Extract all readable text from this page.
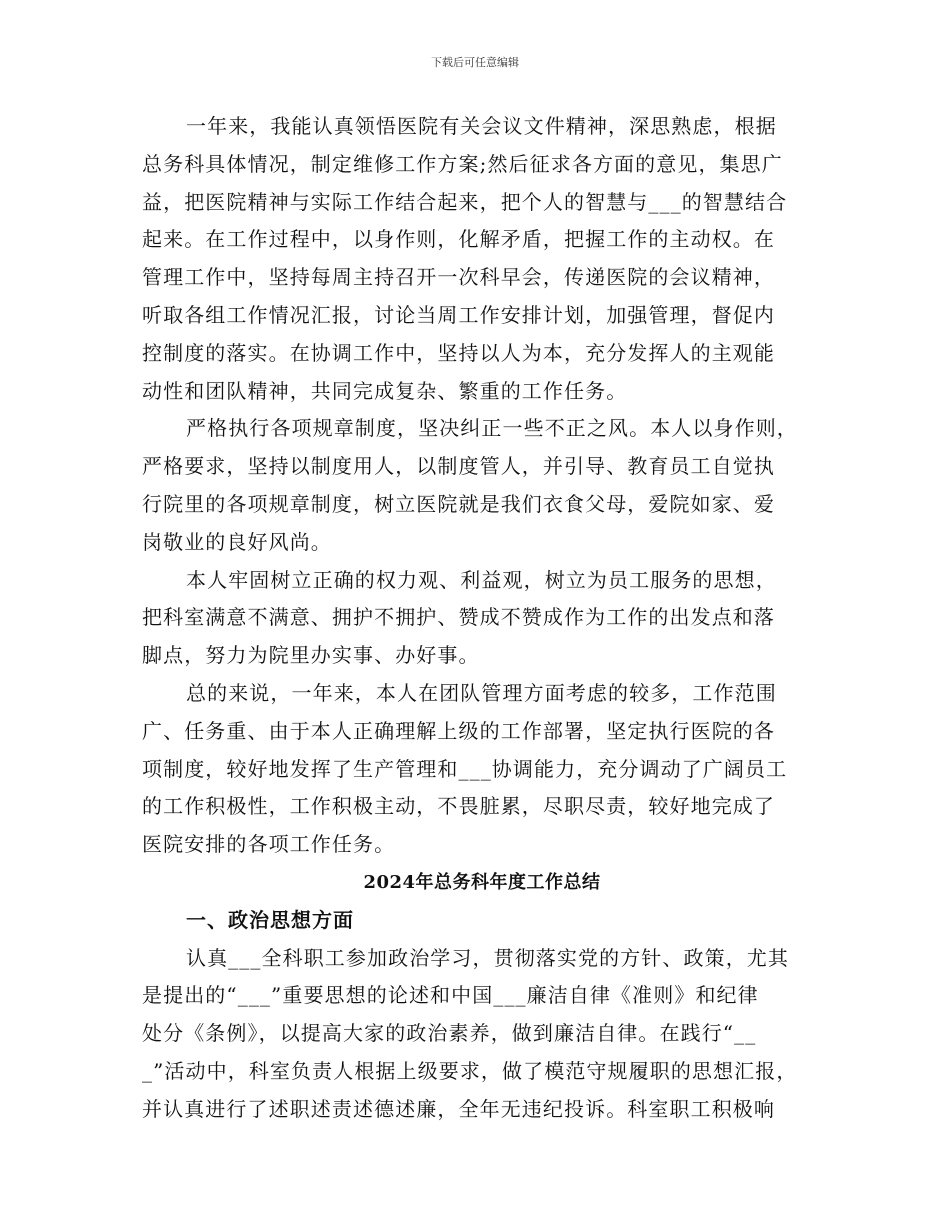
下载后可任意编辑
一年来，我能认真领悟医院有关会议文件精神，深思熟虑，根据
总务科具体情况，制定维修工作方案;然后征求各方面的意见，集思广
益，把医院精神与实际工作结合起来，把个人的智慧与___的智慧结合
起来。在工作过程中，以身作则，化解矛盾，把握工作的主动权。在
管理工作中，坚持每周主持召开一次科早会，传递医院的会议精神，
听取各组工作情况汇报，讨论当周工作安排计划，加强管理，督促内
控制度的落实。在协调工作中，坚持以人为本，充分发挥人的主观能
动性和团队精神，共同完成复杂、繁重的工作任务。
严格执行各项规章制度，坚决纠正一些不正之风。本人以身作则，
严格要求，坚持以制度用人，以制度管人，并引导、教育员工自觉执
行院里的各项规章制度，树立医院就是我们衣食父母，爱院如家、爱
岗敬业的良好风尚。
本人牢固树立正确的权力观、利益观，树立为员工服务的思想，
把科室满意不满意、拥护不拥护、赞成不赞成作为工作的出发点和落
脚点，努力为院里办实事、办好事。
总的来说，一年来，本人在团队管理方面考虑的较多，工作范围
广、任务重、由于本人正确理解上级的工作部署，坚定执行医院的各
项制度，较好地发挥了生产管理和___协调能力，充分调动了广阔员工
的工作积极性，工作积极主动，不畏脏累，尽职尽责，较好地完成了
医院安排的各项工作任务。
2024年总务科年度工作总结
一、政治思想方面
认真___全科职工参加政治学习，贯彻落实党的方针、政策，尤其
是提出的“___”重要思想的论述和中国___廉洁自律《准则》和纪律
处分《条例》，以提高大家的政治素养，做到廉洁自律。在践行“__
_”活动中，科室负责人根据上级要求，做了模范守规履职的思想汇报，
并认真进行了述职述责述德述廉，全年无违纪投诉。科室职工积极响
